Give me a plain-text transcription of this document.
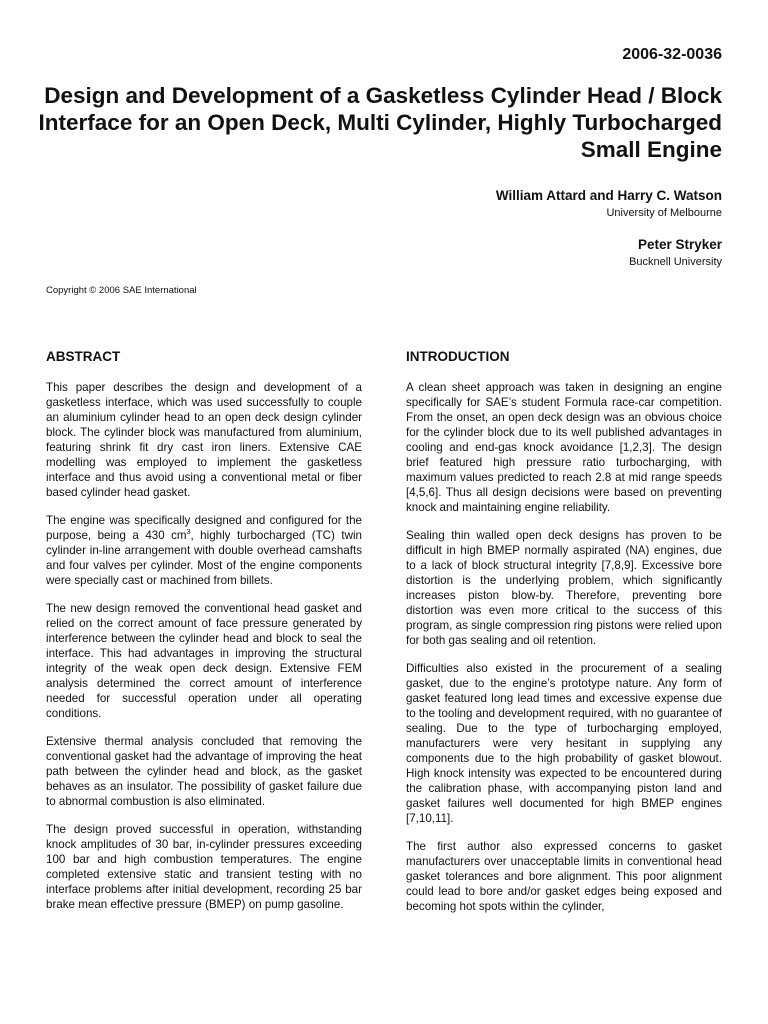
2006-32-0036

Design and Development of a Gasketless Cylinder Head / Block Interface for an Open Deck, Multi Cylinder, Highly Turbocharged Small Engine

William Attard and Harry C. Watson

University of Melbourne

Peter Stryker

Bucknell University

Copyright © 2006 SAE International

ABSTRACT

This paper describes the design and development of a gasketless interface, which was used successfully to couple an aluminium cylinder head to an open deck design cylinder block. The cylinder block was manufactured from aluminium, featuring shrink fit dry cast iron liners. Extensive CAE modelling was employed to implement the gasketless interface and thus avoid using a conventional metal or fiber based cylinder head gasket.

The engine was specifically designed and configured for the purpose, being a 430 $cm^3$, highly turbocharged (TC) twin cylinder in-line arrangement with double overhead camshafts and four valves per cylinder. Most of the engine components were specially cast or machined from billets.

The new design removed the conventional head gasket and relied on the correct amount of face pressure generated by interference between the cylinder head and block to seal the interface. This had advantages in improving the structural integrity of the weak open deck design. Extensive FEM analysis determined the correct amount of interference needed for successful operation under all operating conditions.

Extensive thermal analysis concluded that removing the conventional gasket had the advantage of improving the heat path between the cylinder head and block, as the gasket behaves as an insulator. The possibility of gasket failure due to abnormal combustion is also eliminated.

The design proved successful in operation, withstanding knock amplitudes of 30 bar, in-cylinder pressures exceeding 100 bar and high combustion temperatures. The engine completed extensive static and transient testing with no interface problems after initial development, recording 25 bar brake mean effective pressure (BMEP) on pump gasoline.

INTRODUCTION

A clean sheet approach was taken in designing an engine specifically for SAE’s student Formula race-car competition. From the onset, an open deck design was an obvious choice for the cylinder block due to its well published advantages in cooling and end-gas knock avoidance [1,2,3]. The design brief featured high pressure ratio turbocharging, with maximum values predicted to reach 2.8 at mid range speeds [4,5,6]. Thus all design decisions were based on preventing knock and maintaining engine reliability.

Sealing thin walled open deck designs has proven to be difficult in high BMEP normally aspirated (NA) engines, due to a lack of block structural integrity [7,8,9]. Excessive bore distortion is the underlying problem, which significantly increases piston blow-by. Therefore, preventing bore distortion was even more critical to the success of this program, as single compression ring pistons were relied upon for both gas sealing and oil retention.

Difficulties also existed in the procurement of a sealing gasket, due to the engine’s prototype nature. Any form of gasket featured long lead times and excessive expense due to the tooling and development required, with no guarantee of sealing. Due to the type of turbocharging employed, manufacturers were very hesitant in supplying any components due to the high probability of gasket blowout. High knock intensity was expected to be encountered during the calibration phase, with accompanying piston land and gasket failures well documented for high BMEP engines [7,10,11].

The first author also expressed concerns to gasket manufacturers over unacceptable limits in conventional head gasket tolerances and bore alignment. This poor alignment could lead to bore and/or gasket edges being exposed and becoming hot spots within the cylinder,
